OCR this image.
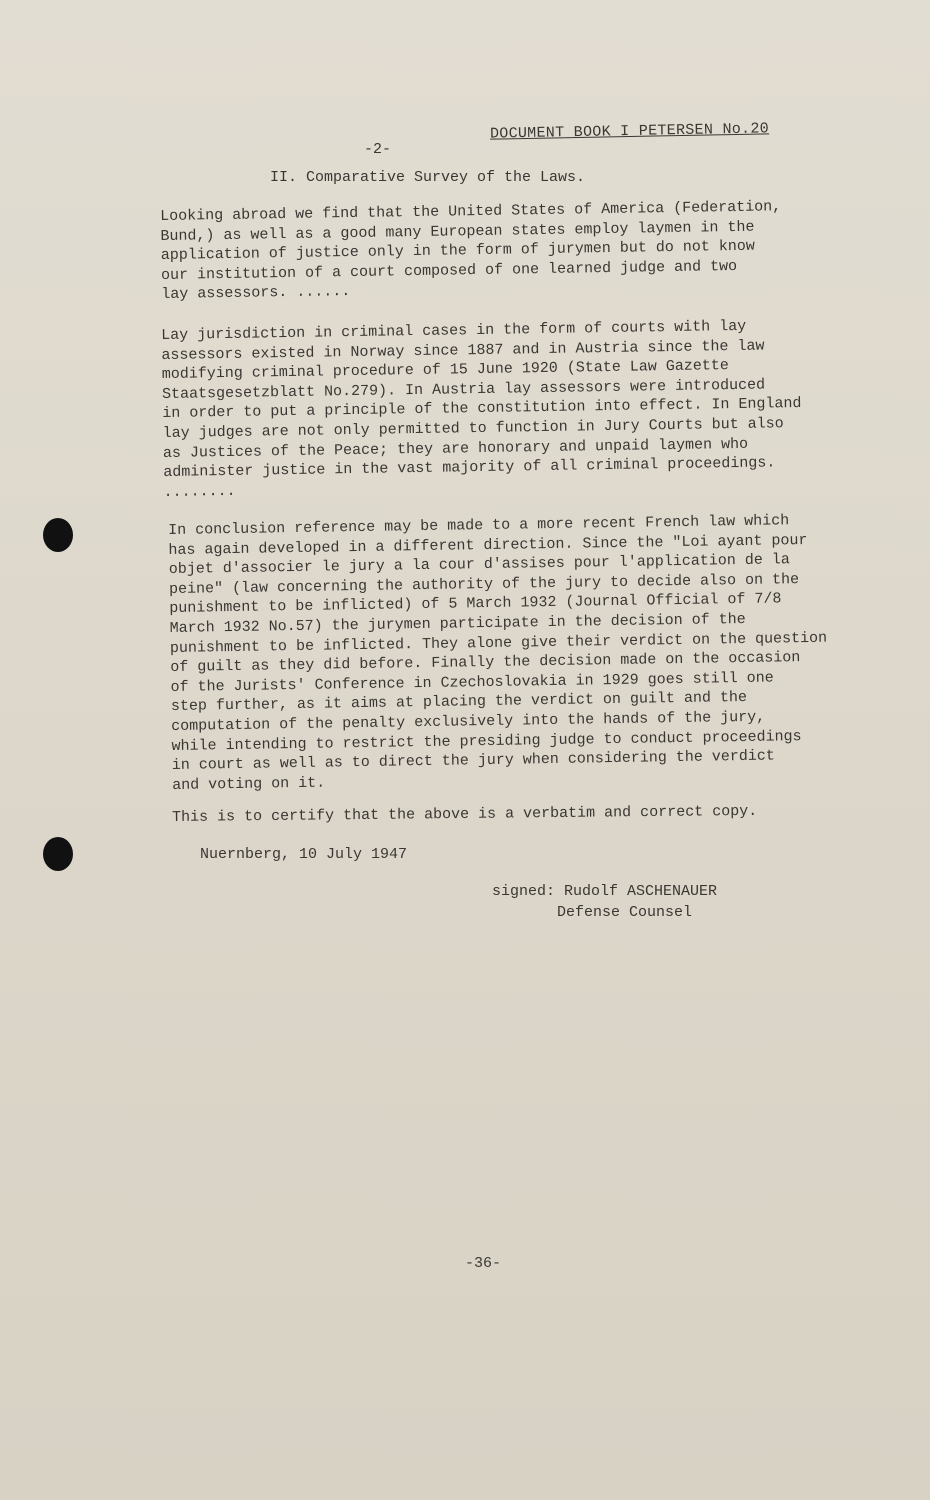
DOCUMENT BOOK I PETERSEN No.20
-2-
II. Comparative Survey of the Laws.
Looking abroad we find that the United States of America (Federation,
Bund,) as well as a good many European states employ laymen in the
application of justice only in the form of jurymen but do not know
our institution of a court composed of one learned judge and two
lay assessors. ......
Lay jurisdiction in criminal cases in the form of courts with lay
assessors existed in Norway since 1887 and in Austria since the law
modifying criminal procedure of 15 June 1920 (State Law Gazette
Staatsgesetzblatt No.279). In Austria lay assessors were introduced
in order to put a principle of the constitution into effect. In England
lay judges are not only permitted to function in Jury Courts but also
as Justices of the Peace; they are honorary and unpaid laymen who
administer justice in the vast majority of all criminal proceedings.
........
In conclusion reference may be made to a more recent French law which
has again developed in a different direction. Since the "Loi ayant pour
objet d'associer le jury a la cour d'assises pour l'application de la
peine" (law concerning the authority of the jury to decide also on the
punishment to be inflicted) of 5 March 1932 (Journal Official of 7/8
March 1932 No.57) the jurymen participate in the decision of the
punishment to be inflicted. They alone give their verdict on the question
of guilt as they did before. Finally the decision made on the occasion
of the Jurists' Conference in Czechoslovakia in 1929 goes still one
step further, as it aims at placing the verdict on guilt and the
computation of the penalty exclusively into the hands of the jury,
while intending to restrict the presiding judge to conduct proceedings
in court as well as to direct the jury when considering the verdict
and voting on it.
This is to certify that the above is a verbatim and correct copy.
Nuernberg, 10 July 1947
signed: Rudolf ASCHENAUER
Defense Counsel
-36-
